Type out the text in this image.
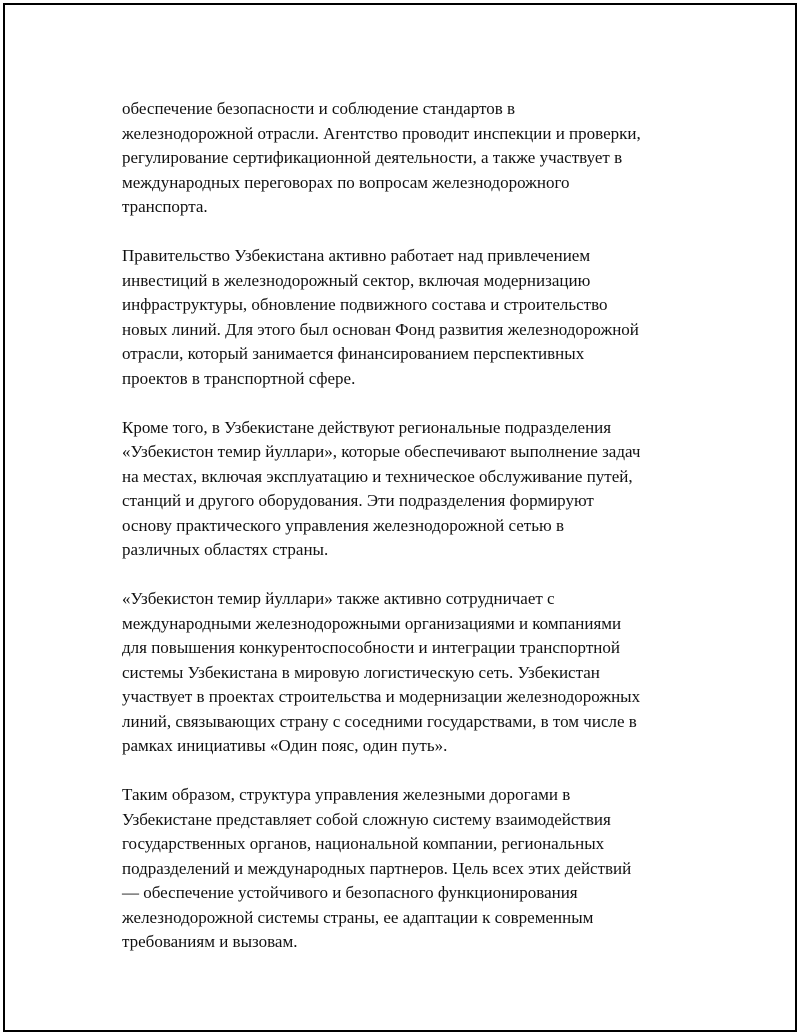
обеспечение безопасности и соблюдение стандартов в
железнодорожной отрасли. Агентство проводит инспекции и проверки,
регулирование сертификационной деятельности, а также участвует в
международных переговорах по вопросам железнодорожного
транспорта.

Правительство Узбекистана активно работает над привлечением
инвестиций в железнодорожный сектор, включая модернизацию
инфраструктуры, обновление подвижного состава и строительство
новых линий. Для этого был основан Фонд развития железнодорожной
отрасли, который занимается финансированием перспективных
проектов в транспортной сфере.

Кроме того, в Узбекистане действуют региональные подразделения
«Узбекистон темир йуллари», которые обеспечивают выполнение задач
на местах, включая эксплуатацию и техническое обслуживание путей,
станций и другого оборудования. Эти подразделения формируют
основу практического управления железнодорожной сетью в
различных областях страны.

«Узбекистон темир йуллари» также активно сотрудничает с
международными железнодорожными организациями и компаниями
для повышения конкурентоспособности и интеграции транспортной
системы Узбекистана в мировую логистическую сеть. Узбекистан
участвует в проектах строительства и модернизации железнодорожных
линий, связывающих страну с соседними государствами, в том числе в
рамках инициативы «Один пояс, один путь».

Таким образом, структура управления железными дорогами в
Узбекистане представляет собой сложную систему взаимодействия
государственных органов, национальной компании, региональных
подразделений и международных партнеров. Цель всех этих действий
— обеспечение устойчивого и безопасного функционирования
железнодорожной системы страны, ее адаптации к современным
требованиям и вызовам.
